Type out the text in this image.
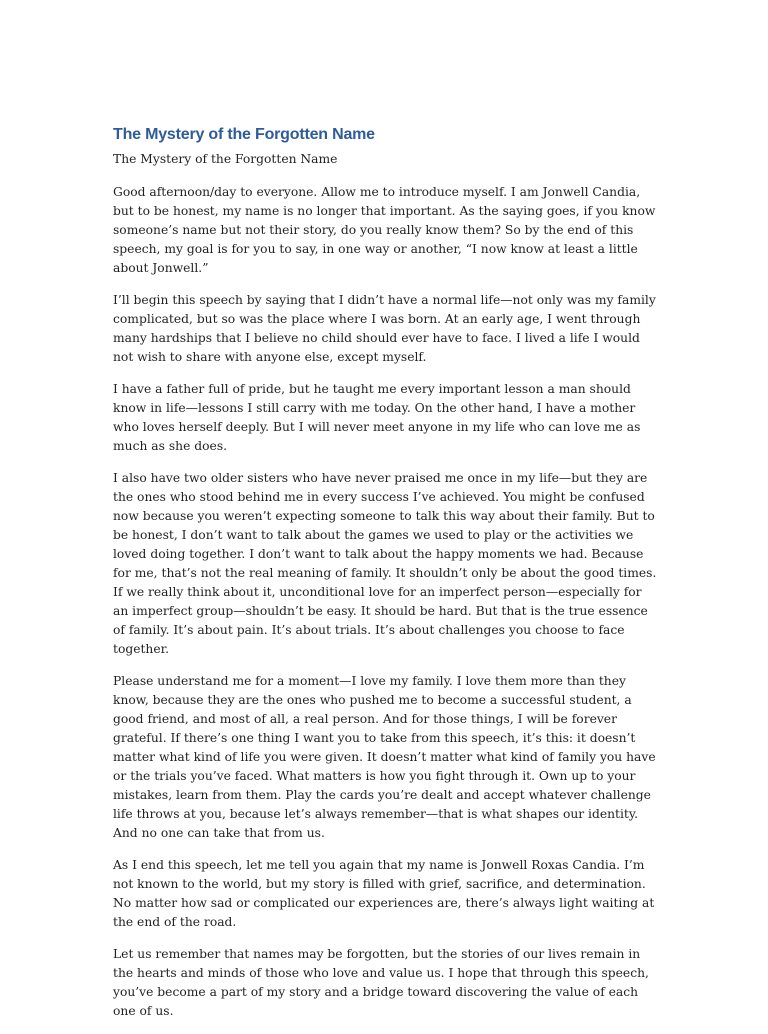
The Mystery of the Forgotten Name

The Mystery of the Forgotten Name

Good afternoon/day to everyone. Allow me to introduce myself. I am Jonwell Candia, but to be honest, my name is no longer that important. As the saying goes, if you know someone’s name but not their story, do you really know them? So by the end of this speech, my goal is for you to say, in one way or another, “I now know at least a little about Jonwell.”

I’ll begin this speech by saying that I didn’t have a normal life—not only was my family complicated, but so was the place where I was born. At an early age, I went through many hardships that I believe no child should ever have to face. I lived a life I would not wish to share with anyone else, except myself.

I have a father full of pride, but he taught me every important lesson a man should know in life—lessons I still carry with me today. On the other hand, I have a mother who loves herself deeply. But I will never meet anyone in my life who can love me as much as she does.

I also have two older sisters who have never praised me once in my life—but they are the ones who stood behind me in every success I’ve achieved. You might be confused now because you weren’t expecting someone to talk this way about their family. But to be honest, I don’t want to talk about the games we used to play or the activities we loved doing together. I don’t want to talk about the happy moments we had. Because for me, that’s not the real meaning of family. It shouldn’t only be about the good times. If we really think about it, unconditional love for an imperfect person—especially for an imperfect group—shouldn’t be easy. It should be hard. But that is the true essence of family. It’s about pain. It’s about trials. It’s about challenges you choose to face together.

Please understand me for a moment—I love my family. I love them more than they know, because they are the ones who pushed me to become a successful student, a good friend, and most of all, a real person. And for those things, I will be forever grateful. If there’s one thing I want you to take from this speech, it’s this: it doesn’t matter what kind of life you were given. It doesn’t matter what kind of family you have or the trials you’ve faced. What matters is how you fight through it. Own up to your mistakes, learn from them. Play the cards you’re dealt and accept whatever challenge life throws at you, because let’s always remember—that is what shapes our identity. And no one can take that from us.

As I end this speech, let me tell you again that my name is Jonwell Roxas Candia. I’m not known to the world, but my story is filled with grief, sacrifice, and determination. No matter how sad or complicated our experiences are, there’s always light waiting at the end of the road.

Let us remember that names may be forgotten, but the stories of our lives remain in the hearts and minds of those who love and value us. I hope that through this speech, you’ve become a part of my story and a bridge toward discovering the value of each one of us.
